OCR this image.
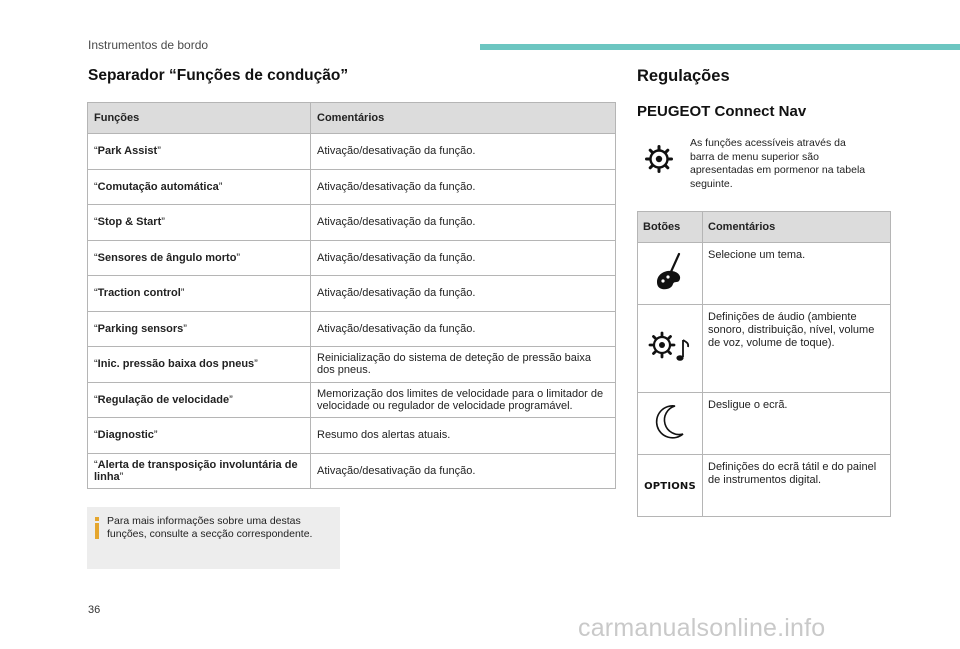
Instrumentos de bordo
Separador “Funções de condução”
Funções	Comentários
“Park Assist”	Ativação/desativação da função.
“Comutação automática”	Ativação/desativação da função.
“Stop & Start”	Ativação/desativação da função.
“Sensores de ângulo morto”	Ativação/desativação da função.
“Traction control”	Ativação/desativação da função.
“Parking sensors”	Ativação/desativação da função.
“Inic. pressão baixa dos pneus”	Reinicialização do sistema de deteção de pressão baixa dos pneus.
“Regulação de velocidade”	Memorização dos limites de velocidade para o limitador de velocidade ou regulador de velocidade programável.
“Diagnostic”	Resumo dos alertas atuais.
“Alerta de transposição involuntária de linha”	Ativação/desativação da função.
Para mais informações sobre uma destas funções, consulte a secção correspondente.
Regulações
PEUGEOT Connect Nav
As funções acessíveis através da barra de menu superior são apresentadas em pormenor na tabela seguinte.
Botões	Comentários
	Selecione um tema.
	Definições de áudio (ambiente sonoro, distribuição, nível, volume de voz, volume de toque).
	Desligue o ecrã.
OPTIONS	Definições do ecrã tátil e do painel de instrumentos digital.
36
carmanualsonline.info
